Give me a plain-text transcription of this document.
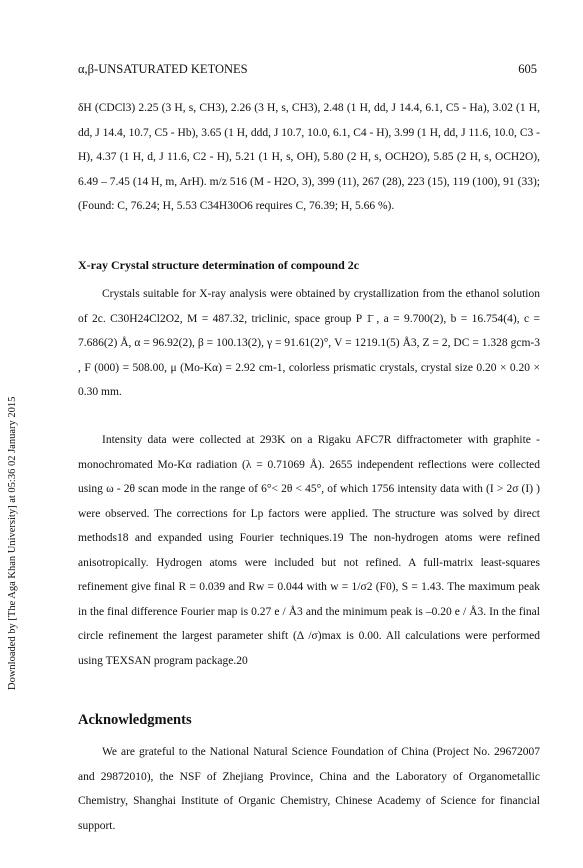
Downloaded by [The Aga Khan University] at 05:36 02 January 2015
α,β-UNSATURATED KETONES	605

δH (CDCl3) 2.25 (3 H, s, CH3), 2.26 (3 H, s, CH3), 2.48 (1 H, dd, J 14.4, 6.1, C5 - Ha), 3.02 (1 H, dd, J 14.4, 10.7, C5 - Hb), 3.65 (1 H, ddd, J 10.7, 10.0, 6.1, C4 - H), 3.99 (1 H, dd, J 11.6, 10.0, C3 - H), 4.37 (1 H, d, J 11.6, C2 - H), 5.21 (1 H, s, OH), 5.80 (2 H, s, OCH2O), 5.85 (2 H, s, OCH2O), 6.49 – 7.45 (14 H, m, ArH). m/z 516 (M - H2O, 3), 399 (11), 267 (28), 223 (15), 119 (100), 91 (33); (Found: C, 76.24; H, 5.53 C34H30O6 requires C, 76.39; H, 5.66 %).

X-ray Crystal structure determination of compound 2c

Crystals suitable for X-ray analysis were obtained by crystallization from the ethanol solution of 2c. C30H24Cl2O2, M = 487.32, triclinic, space group P 1̄ , a = 9.700(2), b = 16.754(4), c = 7.686(2) Å, α = 96.92(2), β = 100.13(2), γ = 91.61(2)°, V = 1219.1(5) Å3, Z = 2, DC = 1.328 gcm-3 , F (000) = 508.00, μ (Mo-Kα) = 2.92 cm-1, colorless prismatic crystals, crystal size 0.20 × 0.20 × 0.30 mm.

Intensity data were collected at 293K on a Rigaku AFC7R diffractometer with graphite - monochromated Mo-Kα radiation (λ = 0.71069 Å). 2655 independent reflections were collected using ω - 2θ scan mode in the range of 6°< 2θ < 45°, of which 1756 intensity data with (I > 2σ (I) ) were observed. The corrections for Lp factors were applied. The structure was solved by direct methods18 and expanded using Fourier techniques.19 The non-hydrogen atoms were refined anisotropically. Hydrogen atoms were included but not refined. A full-matrix least-squares refinement give final R = 0.039 and Rw = 0.044 with w = 1/σ2 (F0), S = 1.43. The maximum peak in the final difference Fourier map is 0.27 e / Å3 and the minimum peak is –0.20 e / Å3. In the final circle refinement the largest parameter shift (Δ /σ)max is 0.00. All calculations were performed using TEXSAN program package.20

Acknowledgments

We are grateful to the National Natural Science Foundation of China (Project No. 29672007 and 29872010), the NSF of Zhejiang Province, China and the Laboratory of Organometallic Chemistry, Shanghai Institute of Organic Chemistry, Chinese Academy of Science for financial support.
